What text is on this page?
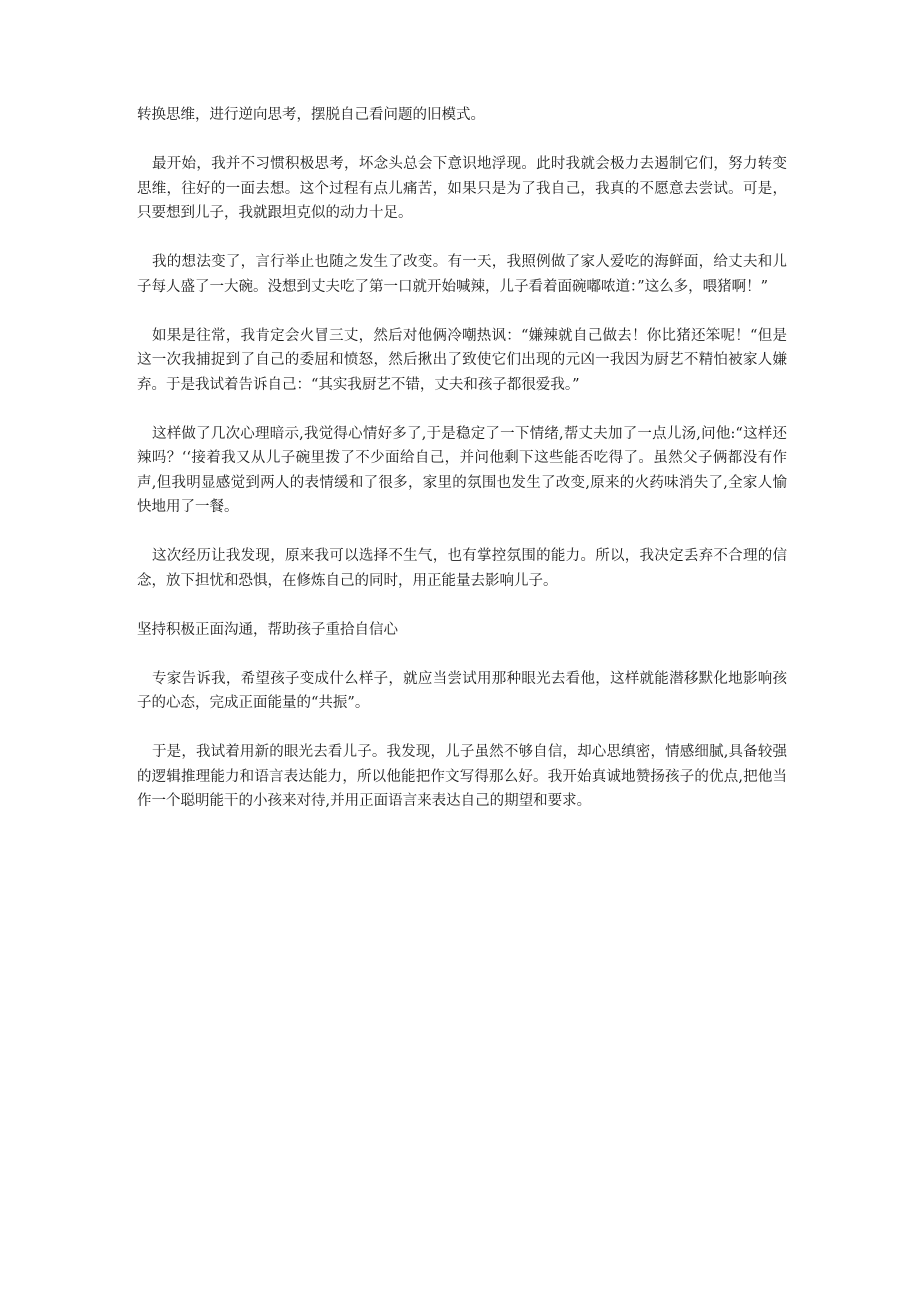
转换思维，进行逆向思考，摆脱自己看问题的旧模式。

最开始，我并不习惯积极思考，坏念头总会下意识地浮现。此时我就会极力去遏制它们，努力转变思维，往好的一面去想。这个过程有点儿痛苦，如果只是为了我自己，我真的不愿意去尝试。可是，只要想到儿子，我就跟坦克似的动力十足。

我的想法变了，言行举止也随之发生了改变。有一天，我照例做了家人爱吃的海鲜面，给丈夫和儿子每人盛了一大碗。没想到丈夫吃了第一口就开始喊辣，儿子看着面碗嘟哝道：”这么多，喂猪啊！”

如果是往常，我肯定会火冒三丈，然后对他俩冷嘲热讽：“嫌辣就自己做去！你比猪还笨呢！“但是这一次我捕捉到了自己的委屈和愤怒，然后揪出了致使它们出现的元凶一我因为厨艺不精怕被家人嫌弃。于是我试着告诉自己：“其实我厨艺不错，丈夫和孩子都很爱我。”

这样做了几次心理暗示,我觉得心情好多了,于是稳定了一下情绪,帮丈夫加了一点儿汤,问他:“这样还辣吗？‘‘接着我又从儿子碗里拨了不少面给自己，并问他剩下这些能否吃得了。虽然父子俩都没有作声,但我明显感觉到两人的表情缓和了很多，家里的氛围也发生了改变,原来的火药味消失了,全家人愉快地用了一餐。

这次经历让我发现，原来我可以选择不生气，也有掌控氛围的能力。所以，我决定丢弃不合理的信念，放下担忧和恐惧，在修炼自己的同时，用正能量去影响儿子。

坚持积极正面沟通，帮助孩子重拾自信心

专家告诉我，希望孩子变成什么样子，就应当尝试用那种眼光去看他，这样就能潜移默化地影响孩子的心态，完成正面能量的“共振”。

于是，我试着用新的眼光去看儿子。我发现，儿子虽然不够自信，却心思缜密，情感细腻,具备较强的逻辑推理能力和语言表达能力，所以他能把作文写得那么好。我开始真诚地赞扬孩子的优点,把他当作一个聪明能干的小孩来对待,并用正面语言来表达自己的期望和要求。
